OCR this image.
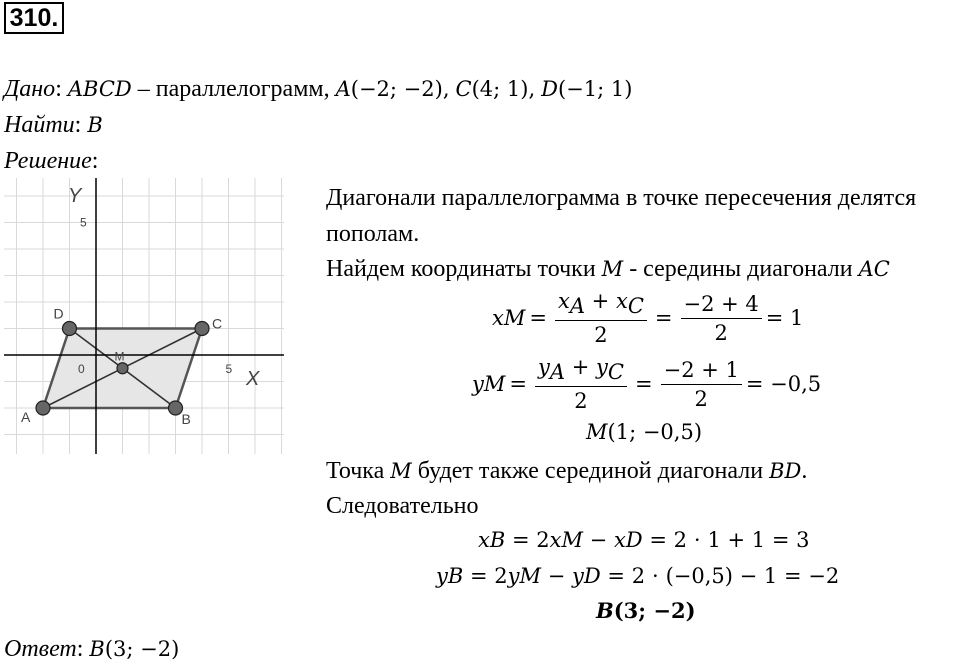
310.
Дано: ABCD – параллелограмм, A(−2; −2), C(4; 1), D(−1; 1)
Найти: B
Решение:
A	B
C
D
M
X
Y
0	5
5
Диагонали параллелограмма в точке пересечения делятся
пополам.
Найдем координаты точки M - середины диагонали AC
x $M = \frac{x_A + x_C}{2} = \frac{-2 + 4}{2} = 1$
y $M = \frac{y_A + y_C}{2} = \frac{-2 + 1}{2} = -0,5$
M (1; −0,5)
Точка M будет также серединой диагонали BD.
Следовательно
x B
= 2 x M
−
x D
= 2 ⋅ 1 + 1 = 3
y B
= 2 y M
−
y D
= 2 ⋅ (−0,5) − 1 = −2
B (3; −2)
Ответ: B(3; −2)
